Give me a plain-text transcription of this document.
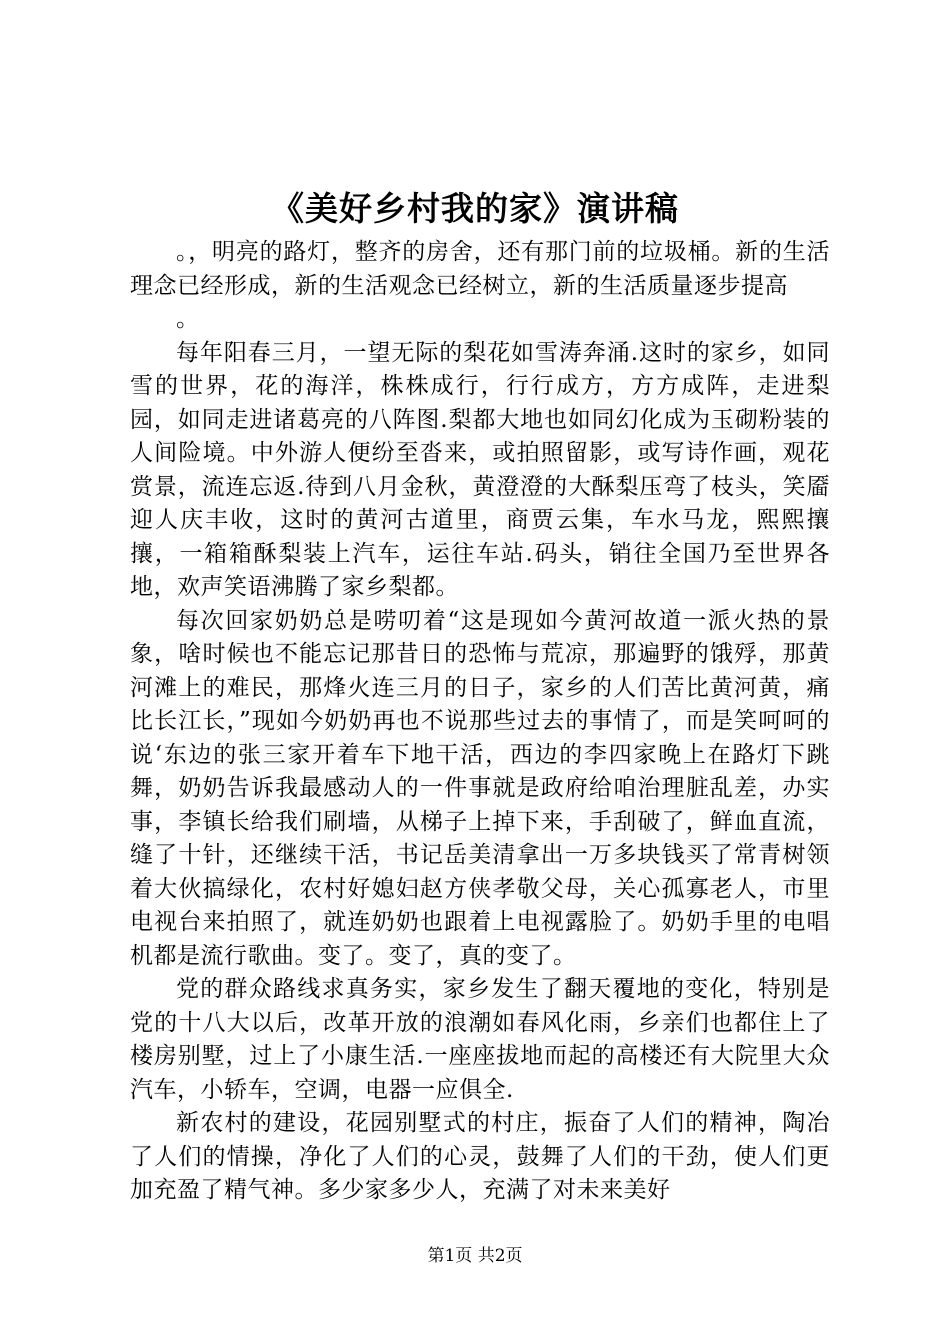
《美好乡村我的家》演讲稿

。，明亮的路灯，整齐的房舍，还有那门前的垃圾桶。新的生活理念已经形成，新的生活观念已经树立，新的生活质量逐步提高

。

每年阳春三月，一望无际的梨花如雪涛奔涌.这时的家乡，如同雪的世界，花的海洋，株株成行，行行成方，方方成阵，走进梨园，如同走进诸葛亮的八阵图.梨都大地也如同幻化成为玉砌粉装的人间险境。中外游人便纷至沓来，或拍照留影，或写诗作画，观花赏景，流连忘返.待到八月金秋，黄澄澄的大酥梨压弯了枝头，笑靥迎人庆丰收，这时的黄河古道里，商贾云集，车水马龙，熙熙攘攘，一箱箱酥梨装上汽车，运往车站.码头，销往全国乃至世界各地，欢声笑语沸腾了家乡梨都。

每次回家奶奶总是唠叨着“这是现如今黄河故道一派火热的景象，啥时候也不能忘记那昔日的恐怖与荒凉，那遍野的饿殍，那黄河滩上的难民，那烽火连三月的日子，家乡的人们苦比黄河黄，痛比长江长，”现如今奶奶再也不说那些过去的事情了，而是笑呵呵的说‘东边的张三家开着车下地干活，西边的李四家晚上在路灯下跳舞，奶奶告诉我最感动人的一件事就是政府给咱治理脏乱差，办实事，李镇长给我们刷墙，从梯子上掉下来，手刮破了，鲜血直流，缝了十针，还继续干活，书记岳美清拿出一万多块钱买了常青树领着大伙搞绿化，农村好媳妇赵方侠孝敬父母，关心孤寡老人，市里电视台来拍照了，就连奶奶也跟着上电视露脸了。奶奶手里的电唱机都是流行歌曲。变了。变了，真的变了。

党的群众路线求真务实，家乡发生了翻天覆地的变化，特别是党的十八大以后，改革开放的浪潮如春风化雨，乡亲们也都住上了楼房别墅，过上了小康生活.一座座拔地而起的高楼还有大院里大众汽车，小轿车，空调，电器一应俱全.

新农村的建设，花园别墅式的村庄，振奋了人们的精神，陶冶了人们的情操，净化了人们的心灵，鼓舞了人们的干劲，使人们更加充盈了精气神。多少家多少人，充满了对未来美好

第1页 共2页
